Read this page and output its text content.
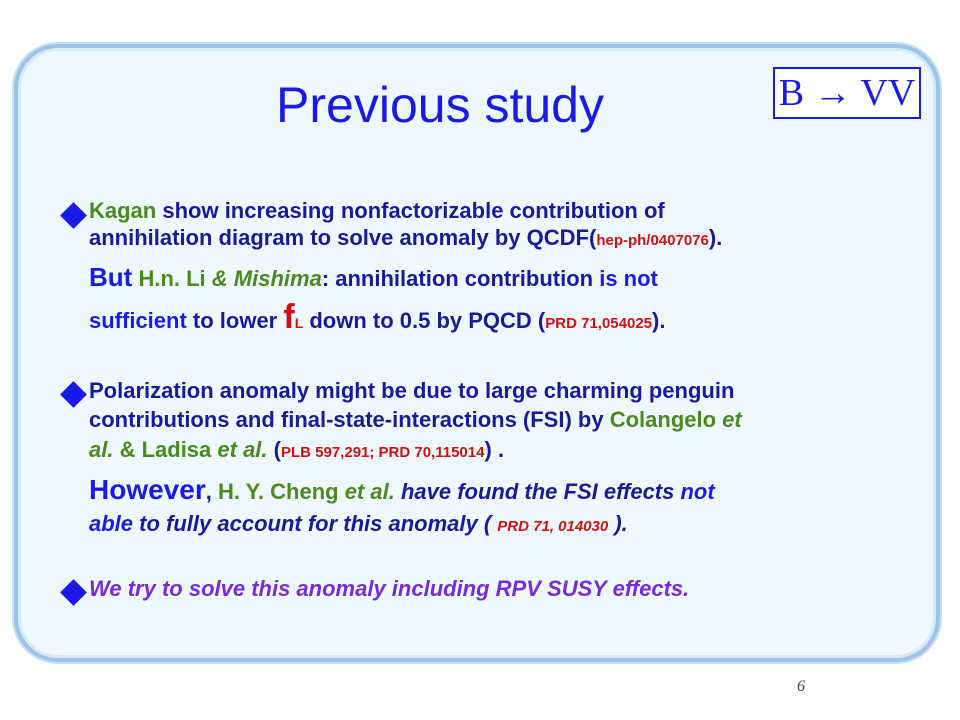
Previous study	B → VV
Kagan show increasing nonfactorizable contribution of
annihilation diagram to solve anomaly by QCDF(hep-ph/0407076).
But H.n. Li & Mishima: annihilation contribution is not
sufficient to lower fL down to 0.5 by PQCD (PRD 71,054025).
Polarization anomaly might be due to large charming penguin
contributions and final-state-interactions (FSI) by Colangelo et
al. & Ladisa et al. (PLB 597,291; PRD 70,115014) .
However, H. Y. Cheng et al. have found the FSI effects not
able to fully account for this anomaly ( PRD 71, 014030 ).
We try to solve this anomaly including RPV SUSY effects.
6
